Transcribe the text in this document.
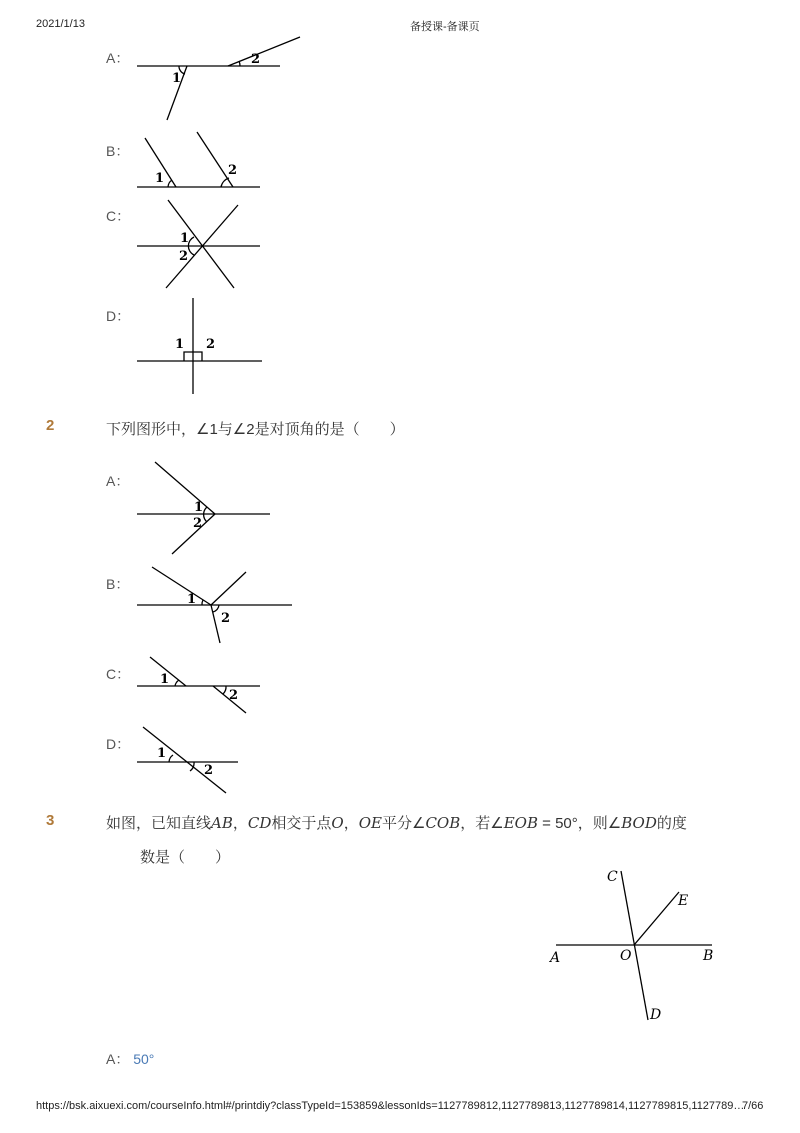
2021/1/13	备授课-备课页
A：
1
2
B：
1
2
C：
1
2
D：
1 2
2	下列图形中，∠1与∠2是对顶角的是（　　）
A：
1
2
B：
1
2
C： 1
2
D：
1
2
3	如图，已知直线AB，CD相交于点O，OE平分∠COB，若∠EOB = 50°，则∠BOD的度
数是（　　）
C
E
A	O	B
D
A： 50°
https://bsk.aixuexi.com/courseInfo.html#/printdiy?classTypeId=153859&lessonIds=1127789812,1127789813,1127789814,1127789815,1127789…
7/66
